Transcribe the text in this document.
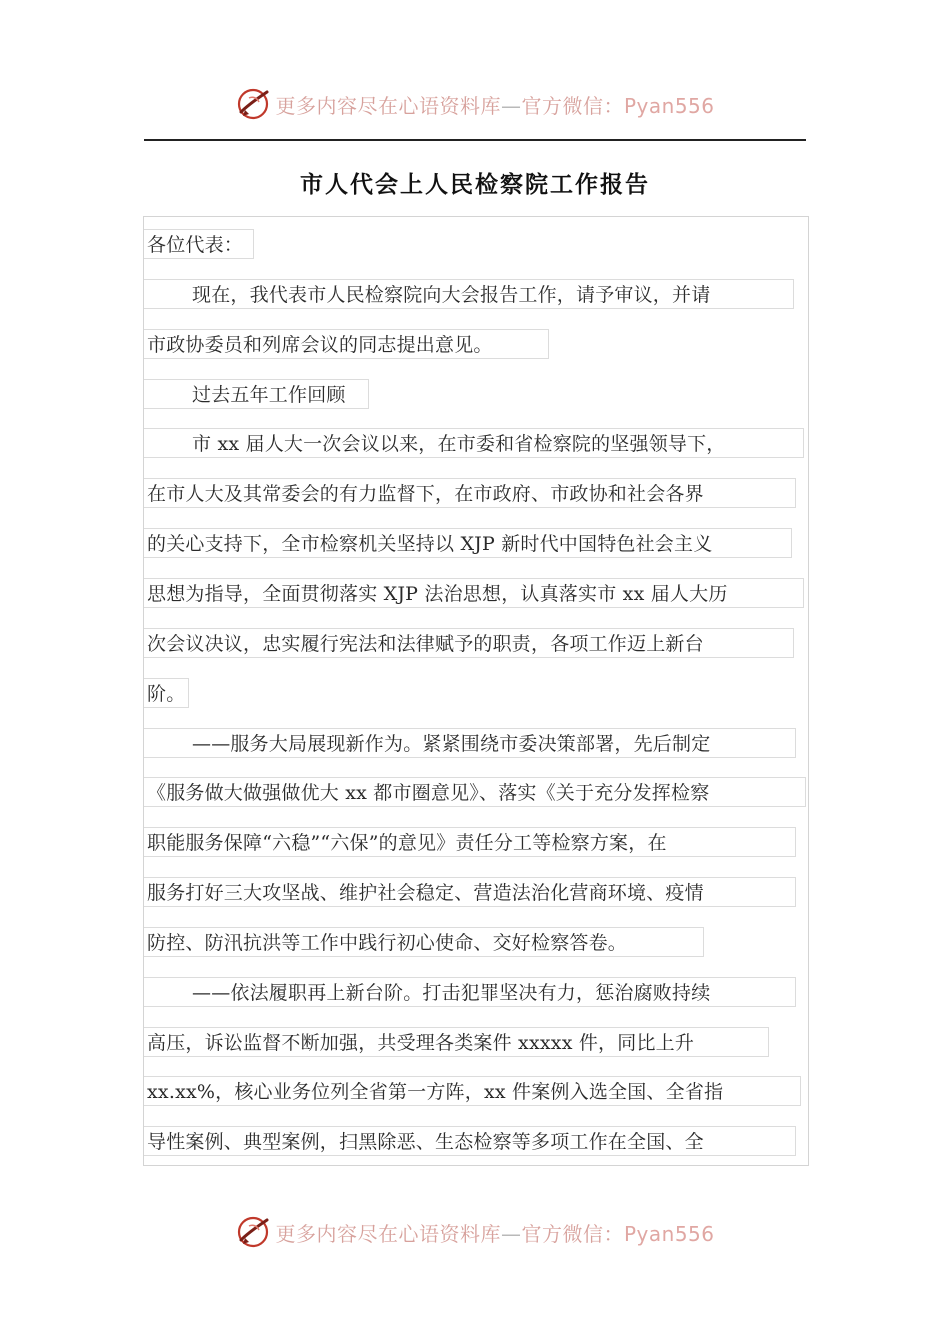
更多内容尽在心语资料库—官方微信：Pyan556
市人代会上人民检察院工作报告
各位代表：
现在，我代表市人民检察院向大会报告工作，请予审议，并请
市政协委员和列席会议的同志提出意见。
过去五年工作回顾
市 xx 届人大一次会议以来，在市委和省检察院的坚强领导下，
在市人大及其常委会的有力监督下，在市政府、市政协和社会各界
的关心支持下，全市检察机关坚持以 XJP 新时代中国特色社会主义
思想为指导，全面贯彻落实 XJP 法治思想，认真落实市 xx 届人大历
次会议决议，忠实履行宪法和法律赋予的职责，各项工作迈上新台
阶。
——服务大局展现新作为。紧紧围绕市委决策部署，先后制定
《服务做大做强做优大 xx 都市圈意见》、落实《关于充分发挥检察
职能服务保障“六稳”“六保”的意见》责任分工等检察方案，在
服务打好三大攻坚战、维护社会稳定、营造法治化营商环境、疫情
防控、防汛抗洪等工作中践行初心使命、交好检察答卷。
——依法履职再上新台阶。打击犯罪坚决有力，惩治腐败持续
高压，诉讼监督不断加强，共受理各类案件 xxxxx 件，同比上升
xx.xx%，核心业务位列全省第一方阵，xx 件案例入选全国、全省指
导性案例、典型案例，扫黑除恶、生态检察等多项工作在全国、全
更多内容尽在心语资料库—官方微信：Pyan556
